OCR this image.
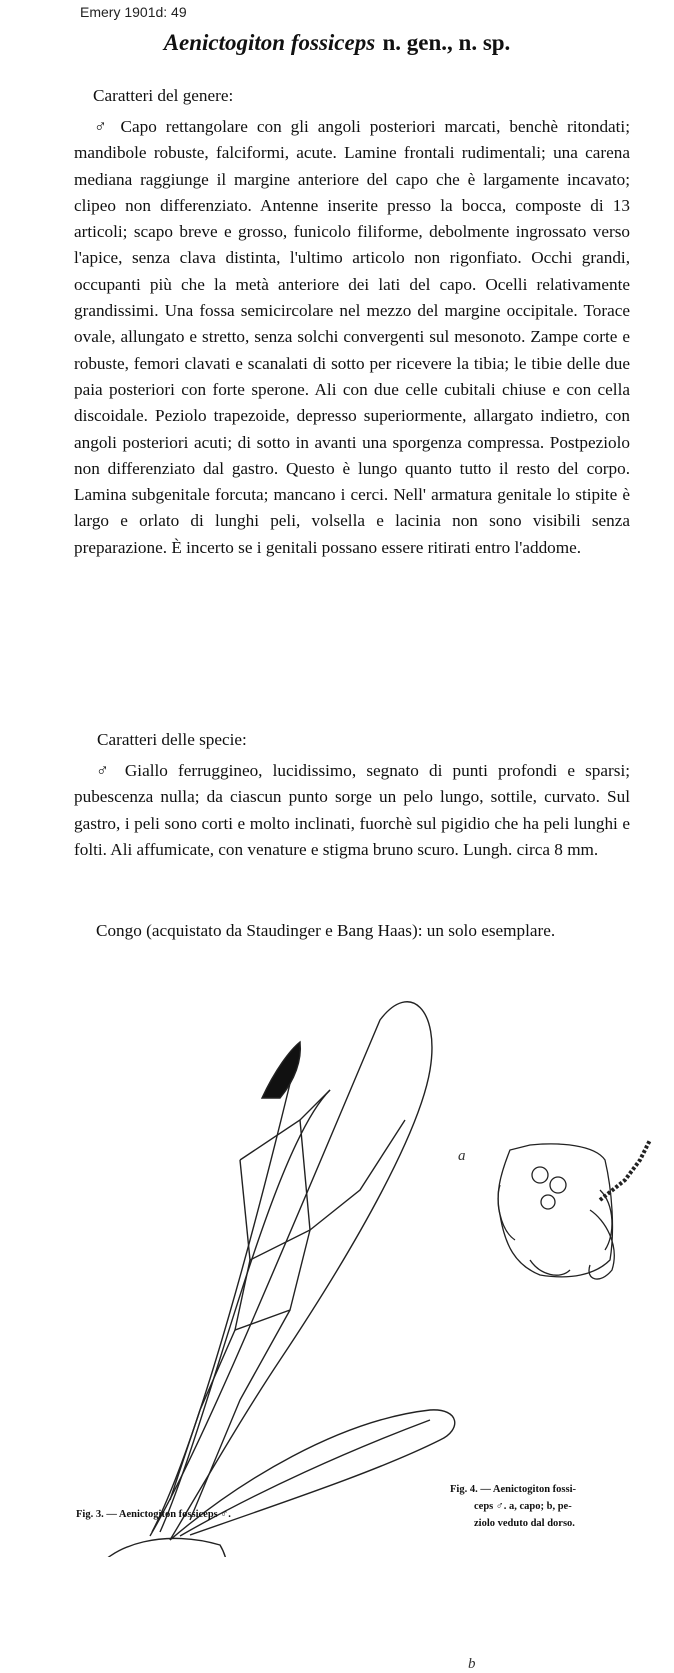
Emery 1901d: 49
Aenictogiton fossiceps n. gen., n. sp.
Caratteri del genere:
♂ Capo rettangolare con gli angoli posteriori marcati, benchè ritondati; mandibole robuste, falciformi, acute. Lamine frontali rudimentali; una carena mediana raggiunge il margine anteriore del capo che è largamente incavato; clipeo non differenziato. Antenne inserite presso la bocca, composte di 13 articoli; scapo breve e grosso, funicolo filiforme, debolmente ingrossato verso l'apice, senza clava distinta, l'ultimo articolo non rigonfiato. Occhi grandi, occupanti più che la metà anteriore dei lati del capo. Ocelli relativamente grandissimi. Una fossa semicircolare nel mezzo del margine occipitale. Torace ovale, allungato e stretto, senza solchi convergenti sul mesonoto. Zampe corte e robuste, femori clavati e scanalati di sotto per ricevere la tibia; le tibie delle due paia posteriori con forte sperone. Ali con due celle cubitali chiuse e con cella discoidale. Peziolo trapezoide, depresso superiormente, allargato indietro, con angoli posteriori acuti; di sotto in avanti una sporgenza compressa. Postpeziolo non differenziato dal gastro. Questo è lungo quanto tutto il resto del corpo. Lamina subgenitale forcuta; mancano i cerci. Nell' armatura genitale lo stipite è largo e orlato di lunghi peli, volsella e lacinia non sono visibili senza preparazione. È incerto se i genitali possano essere ritirati entro l'addome.
Caratteri delle specie:
♂ Giallo ferruggineo, lucidissimo, segnato di punti profondi e sparsi; pubescenza nulla; da ciascun punto sorge un pelo lungo, sottile, curvato. Sul gastro, i peli sono corti e molto inclinati, fuorchè sul pigidio che ha peli lunghi e folti. Ali affumicate, con venature e stigma bruno scuro. Lungh. circa 8 mm.
Congo (acquistato da Staudinger e Bang Haas): un solo esemplare.
a
b
Fig. 3. — Aenictogiton fossiceps ♂.
Fig. 4. — Aenictogiton fossi-
ceps ♂. a, capo; b, pe-
ziolo veduto dal dorso.
